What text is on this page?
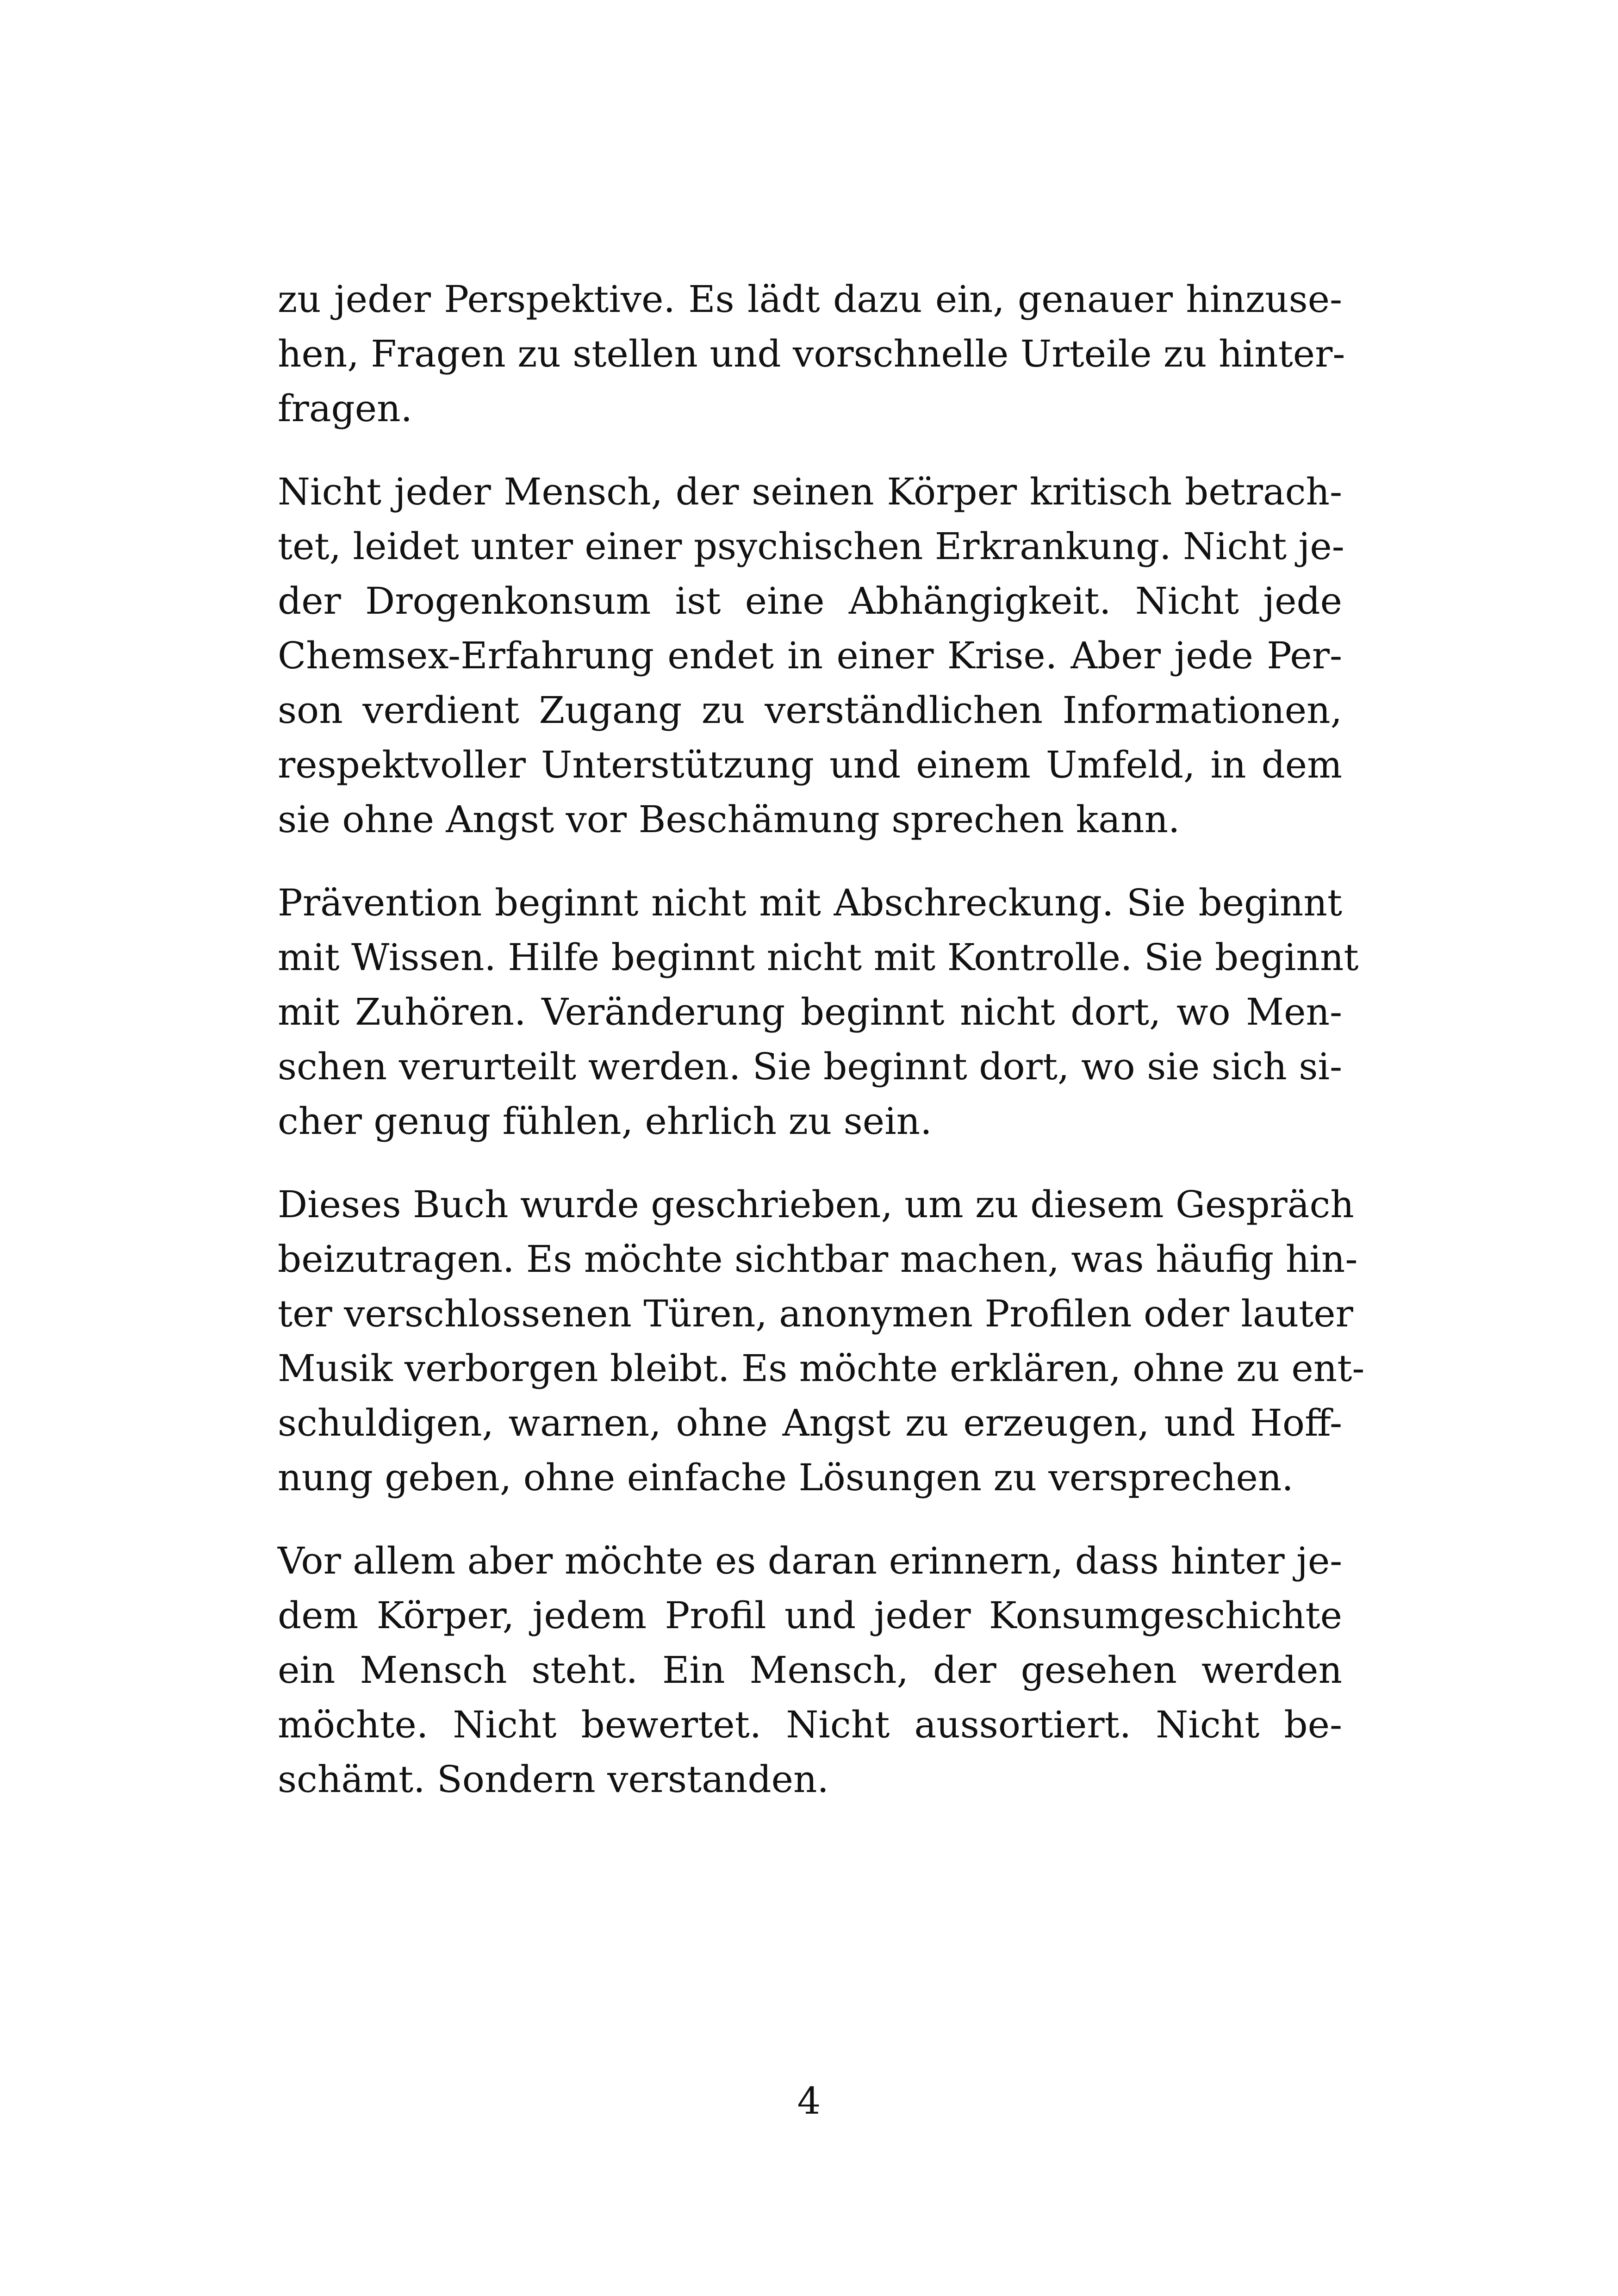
zu jeder Perspektive. Es lädt dazu ein, genauer hinzuse-
hen, Fragen zu stellen und vorschnelle Urteile zu hinter-
fragen.

Nicht jeder Mensch, der seinen Körper kritisch betrach-
tet, leidet unter einer psychischen Erkrankung. Nicht je-
der Drogenkonsum ist eine Abhängigkeit. Nicht jede
Chemsex-Erfahrung endet in einer Krise. Aber jede Per-
son verdient Zugang zu verständlichen Informationen,
respektvoller Unterstützung und einem Umfeld, in dem
sie ohne Angst vor Beschämung sprechen kann.

Prävention beginnt nicht mit Abschreckung. Sie beginnt
mit Wissen. Hilfe beginnt nicht mit Kontrolle. Sie beginnt
mit Zuhören. Veränderung beginnt nicht dort, wo Men-
schen verurteilt werden. Sie beginnt dort, wo sie sich si-
cher genug fühlen, ehrlich zu sein.

Dieses Buch wurde geschrieben, um zu diesem Gespräch
beizutragen. Es möchte sichtbar machen, was häufig hin-
ter verschlossenen Türen, anonymen Profilen oder lauter
Musik verborgen bleibt. Es möchte erklären, ohne zu ent-
schuldigen, warnen, ohne Angst zu erzeugen, und Hoff-
nung geben, ohne einfache Lösungen zu versprechen.

Vor allem aber möchte es daran erinnern, dass hinter je-
dem Körper, jedem Profil und jeder Konsumgeschichte
ein Mensch steht. Ein Mensch, der gesehen werden
möchte. Nicht bewertet. Nicht aussortiert. Nicht be-
schämt. Sondern verstanden.

4
